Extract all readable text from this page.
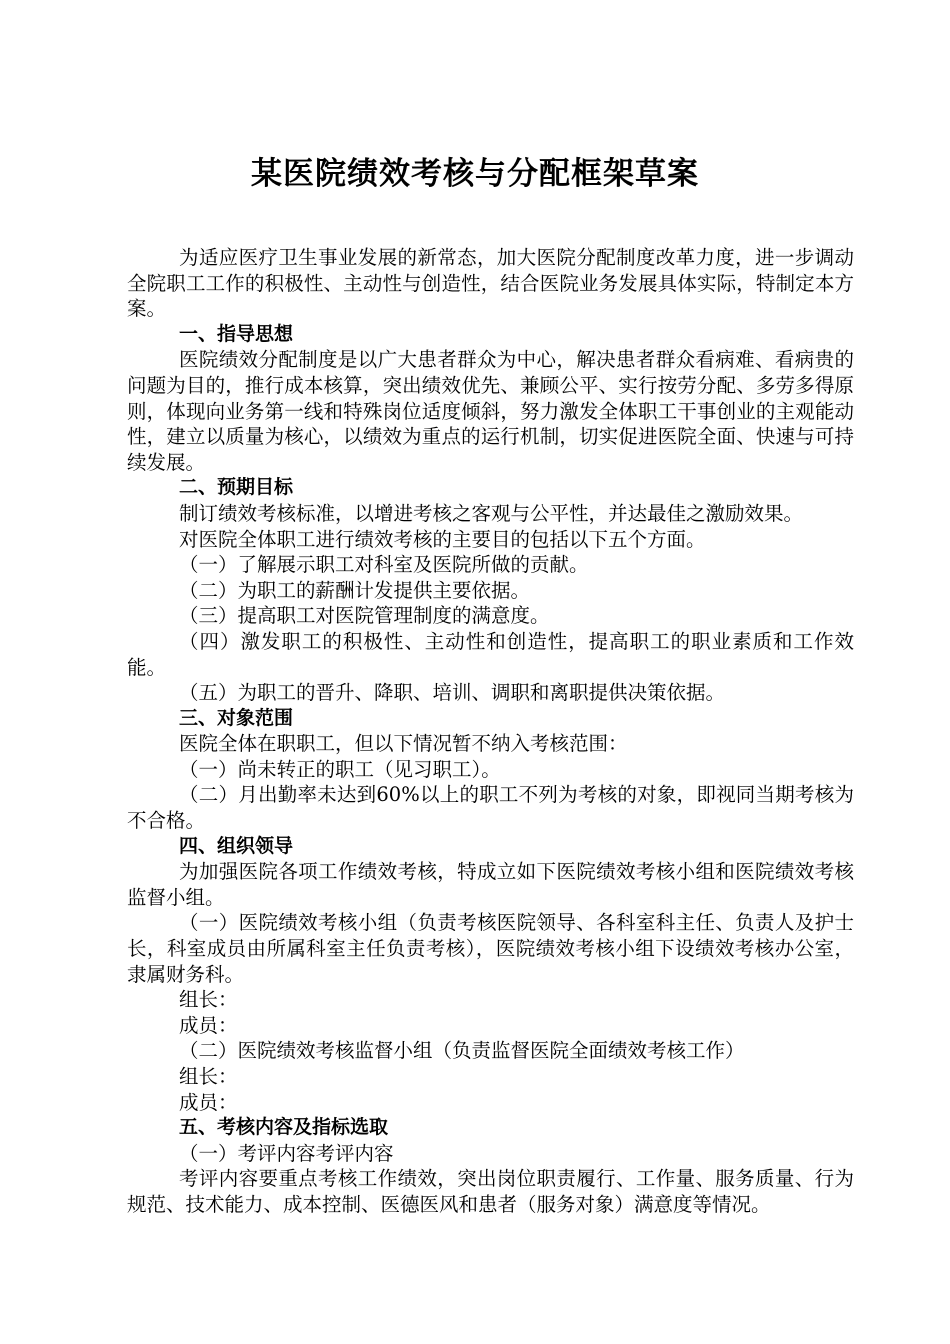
某医院绩效考核与分配框架草案

为适应医疗卫生事业发展的新常态，加大医院分配制度改革力度，进一步调动全院职工工作的积极性、主动性与创造性，结合医院业务发展具体实际，特制定本方案。

一、指导思想

医院绩效分配制度是以广大患者群众为中心，解决患者群众看病难、看病贵的问题为目的，推行成本核算，突出绩效优先、兼顾公平、实行按劳分配、多劳多得原则，体现向业务第一线和特殊岗位适度倾斜，努力激发全体职工干事创业的主观能动性，建立以质量为核心，以绩效为重点的运行机制，切实促进医院全面、快速与可持续发展。

二、预期目标

制订绩效考核标准，以增进考核之客观与公平性，并达最佳之激励效果。

对医院全体职工进行绩效考核的主要目的包括以下五个方面。

（一）了解展示职工对科室及医院所做的贡献。

（二）为职工的薪酬计发提供主要依据。

（三）提高职工对医院管理制度的满意度。

（四）激发职工的积极性、主动性和创造性，提高职工的职业素质和工作效能。

（五）为职工的晋升、降职、培训、调职和离职提供决策依据。

三、对象范围

医院全体在职职工，但以下情况暂不纳入考核范围：

（一）尚未转正的职工（见习职工）。

（二）月出勤率未达到60%以上的职工不列为考核的对象，即视同当期考核为不合格。

四、组织领导

为加强医院各项工作绩效考核，特成立如下医院绩效考核小组和医院绩效考核监督小组。

（一）医院绩效考核小组（负责考核医院领导、各科室科主任、负责人及护士长，科室成员由所属科室主任负责考核），医院绩效考核小组下设绩效考核办公室，隶属财务科。

组长：

成员：

（二）医院绩效考核监督小组（负责监督医院全面绩效考核工作）

组长：

成员：

五、考核内容及指标选取

（一）考评内容考评内容

考评内容要重点考核工作绩效，突出岗位职责履行、工作量、服务质量、行为规范、技术能力、成本控制、医德医风和患者（服务对象）满意度等情况。
